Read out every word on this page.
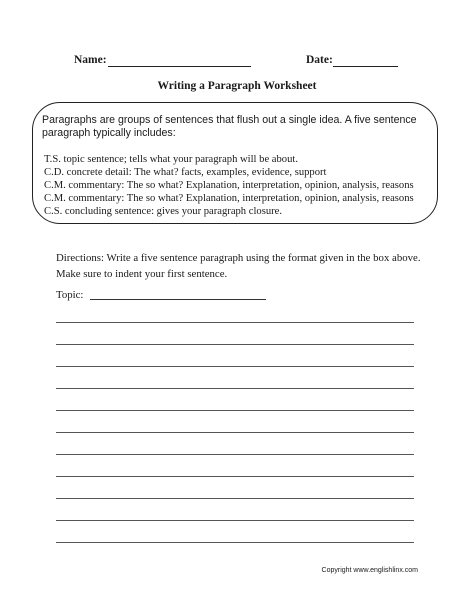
Name:	Date:
Writing a Paragraph Worksheet
Paragraphs are groups of sentences that flush out a single idea. A five sentence paragraph typically includes:
T.S. topic sentence; tells what your paragraph will be about.
C.D. concrete detail: The what? facts, examples, evidence, support
C.M. commentary: The so what? Explanation, interpretation, opinion, analysis, reasons
C.M. commentary: The so what? Explanation, interpretation, opinion, analysis, reasons
C.S. concluding sentence: gives your paragraph closure.
Directions: Write a five sentence paragraph using the format given in the box above. Make sure to indent your first sentence.
Topic:
Copyright www.englishlinx.com
